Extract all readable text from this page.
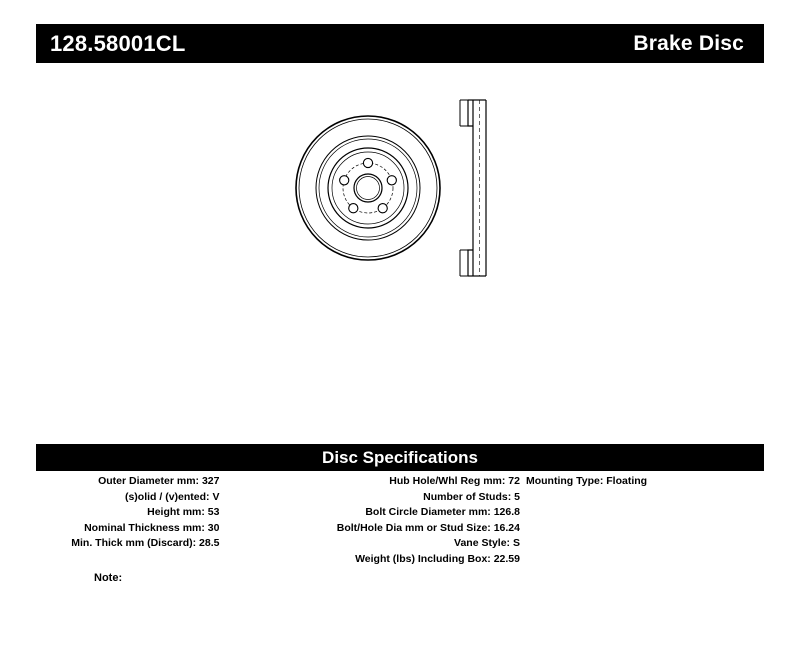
128.58001CL	Brake Disc
Disc Specifications
Outer Diameter mm: 327
(s)olid / (v)ented: V
Height mm: 53
Nominal Thickness mm: 30
Min. Thick mm (Discard): 28.5
Hub Hole/Whl Reg mm: 72
Number of Studs: 5
Bolt Circle Diameter mm: 126.8
Bolt/Hole Dia mm or Stud Size: 16.24
Vane Style: S
Weight (lbs) Including Box: 22.59
Mounting Type: Floating
Note:
